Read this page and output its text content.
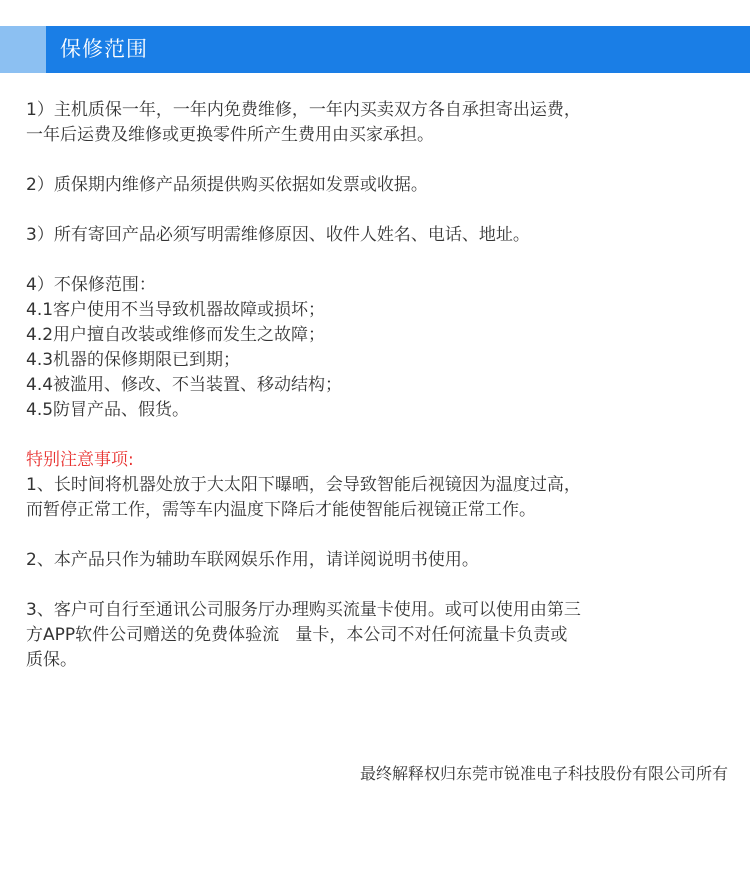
保修范围
1）主机质保一年，一年内免费维修，一年内买卖双方各自承担寄出运费，
一年后运费及维修或更换零件所产生费用由买家承担。
2）质保期内维修产品须提供购买依据如发票或收据。
3）所有寄回产品必须写明需维修原因、收件人姓名、电话、地址。
4）不保修范围：
4.1客户使用不当导致机器故障或损坏；
4.2用户擅自改装或维修而发生之故障；
4.3机器的保修期限已到期；
4.4被滥用、修改、不当装置、移动结构；
4.5防冒产品、假货。
特别注意事项:
1、长时间将机器处放于大太阳下曝晒，会导致智能后视镜因为温度过高，
而暂停正常工作，需等车内温度下降后才能使智能后视镜正常工作。
2、本产品只作为辅助车联网娱乐作用，请详阅说明书使用。
3、客户可自行至通讯公司服务厅办理购买流量卡使用。或可以使用由第三
方APP软件公司赠送的免费体验流   量卡，本公司不对任何流量卡负责或
质保。
最终解释权归东莞市锐准电子科技股份有限公司所有
